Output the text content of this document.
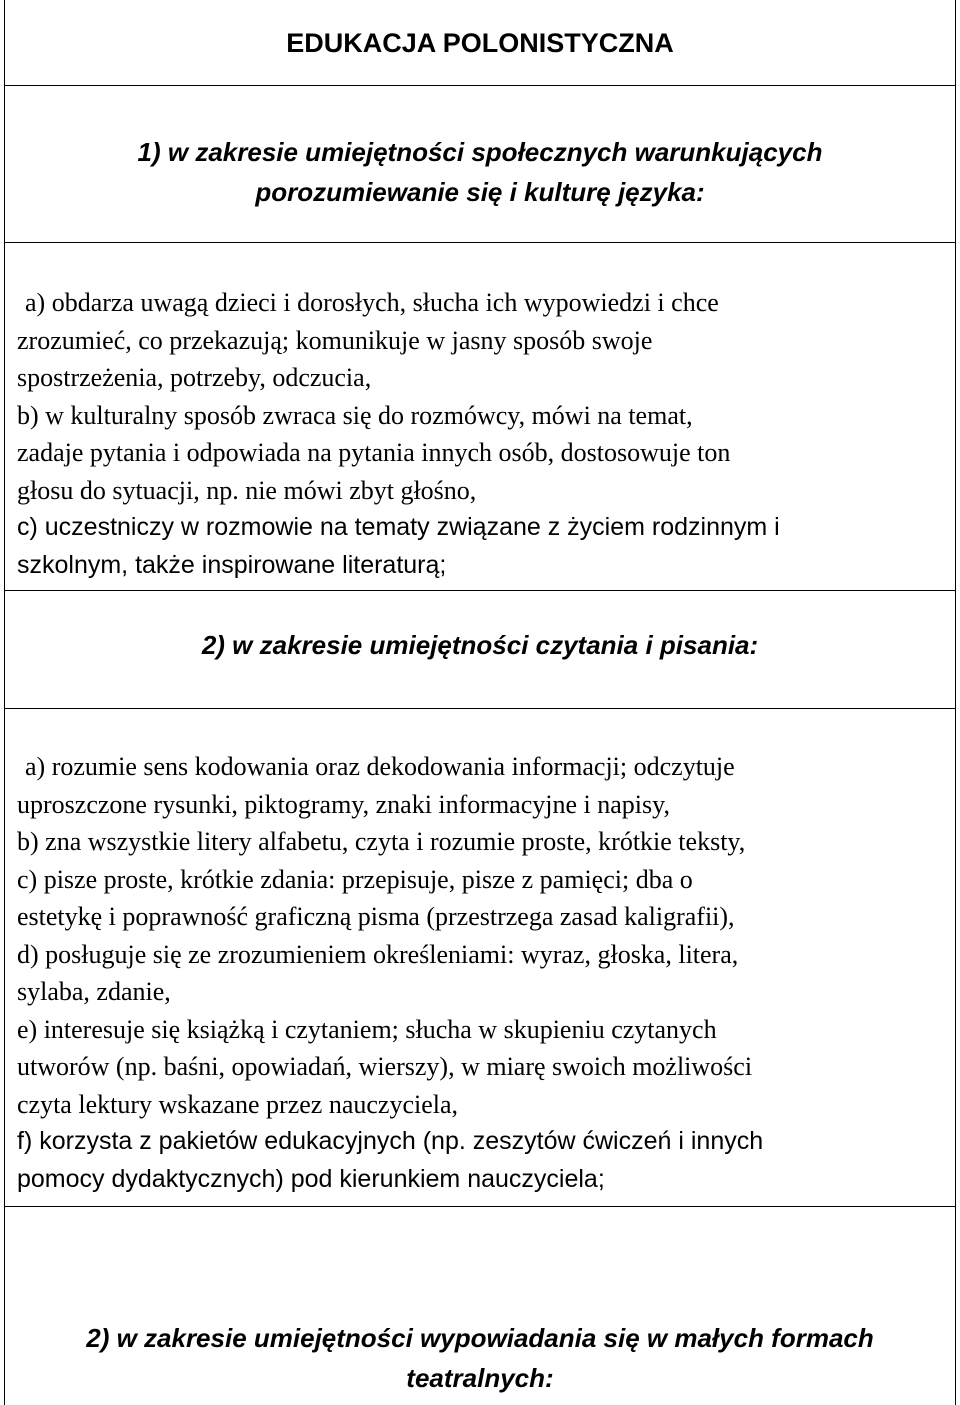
EDUKACJA POLONISTYCZNA
1) w zakresie umiejętności społecznych warunkujących
porozumiewanie się i kulturę języka:
a) obdarza uwagą dzieci i dorosłych, słucha ich wypowiedzi i chce
zrozumieć, co przekazują; komunikuje w jasny sposób swoje
spostrzeżenia, potrzeby, odczucia,
b) w kulturalny sposób zwraca się do rozmówcy, mówi na temat,
zadaje pytania i odpowiada na pytania innych osób, dostosowuje ton
głosu do sytuacji, np. nie mówi zbyt głośno,
c) uczestniczy w rozmowie na tematy związane z życiem rodzinnym i
szkolnym, także inspirowane literaturą;
2) w zakresie umiejętności czytania i pisania:
a) rozumie sens kodowania oraz dekodowania informacji; odczytuje
uproszczone rysunki, piktogramy, znaki informacyjne i napisy,
b) zna wszystkie litery alfabetu, czyta i rozumie proste, krótkie teksty,
c) pisze proste, krótkie zdania: przepisuje, pisze z pamięci; dba o
estetykę i poprawność graficzną pisma (przestrzega zasad kaligrafii),
d) posługuje się ze zrozumieniem określeniami: wyraz, głoska, litera,
sylaba, zdanie,
e) interesuje się książką i czytaniem; słucha w skupieniu czytanych
utworów (np. baśni, opowiadań, wierszy), w miarę swoich możliwości
czyta lektury wskazane przez nauczyciela,
f) korzysta z pakietów edukacyjnych (np. zeszytów ćwiczeń i innych
pomocy dydaktycznych) pod kierunkiem nauczyciela;
2) w zakresie umiejętności wypowiadania się w małych formach
teatralnych:
